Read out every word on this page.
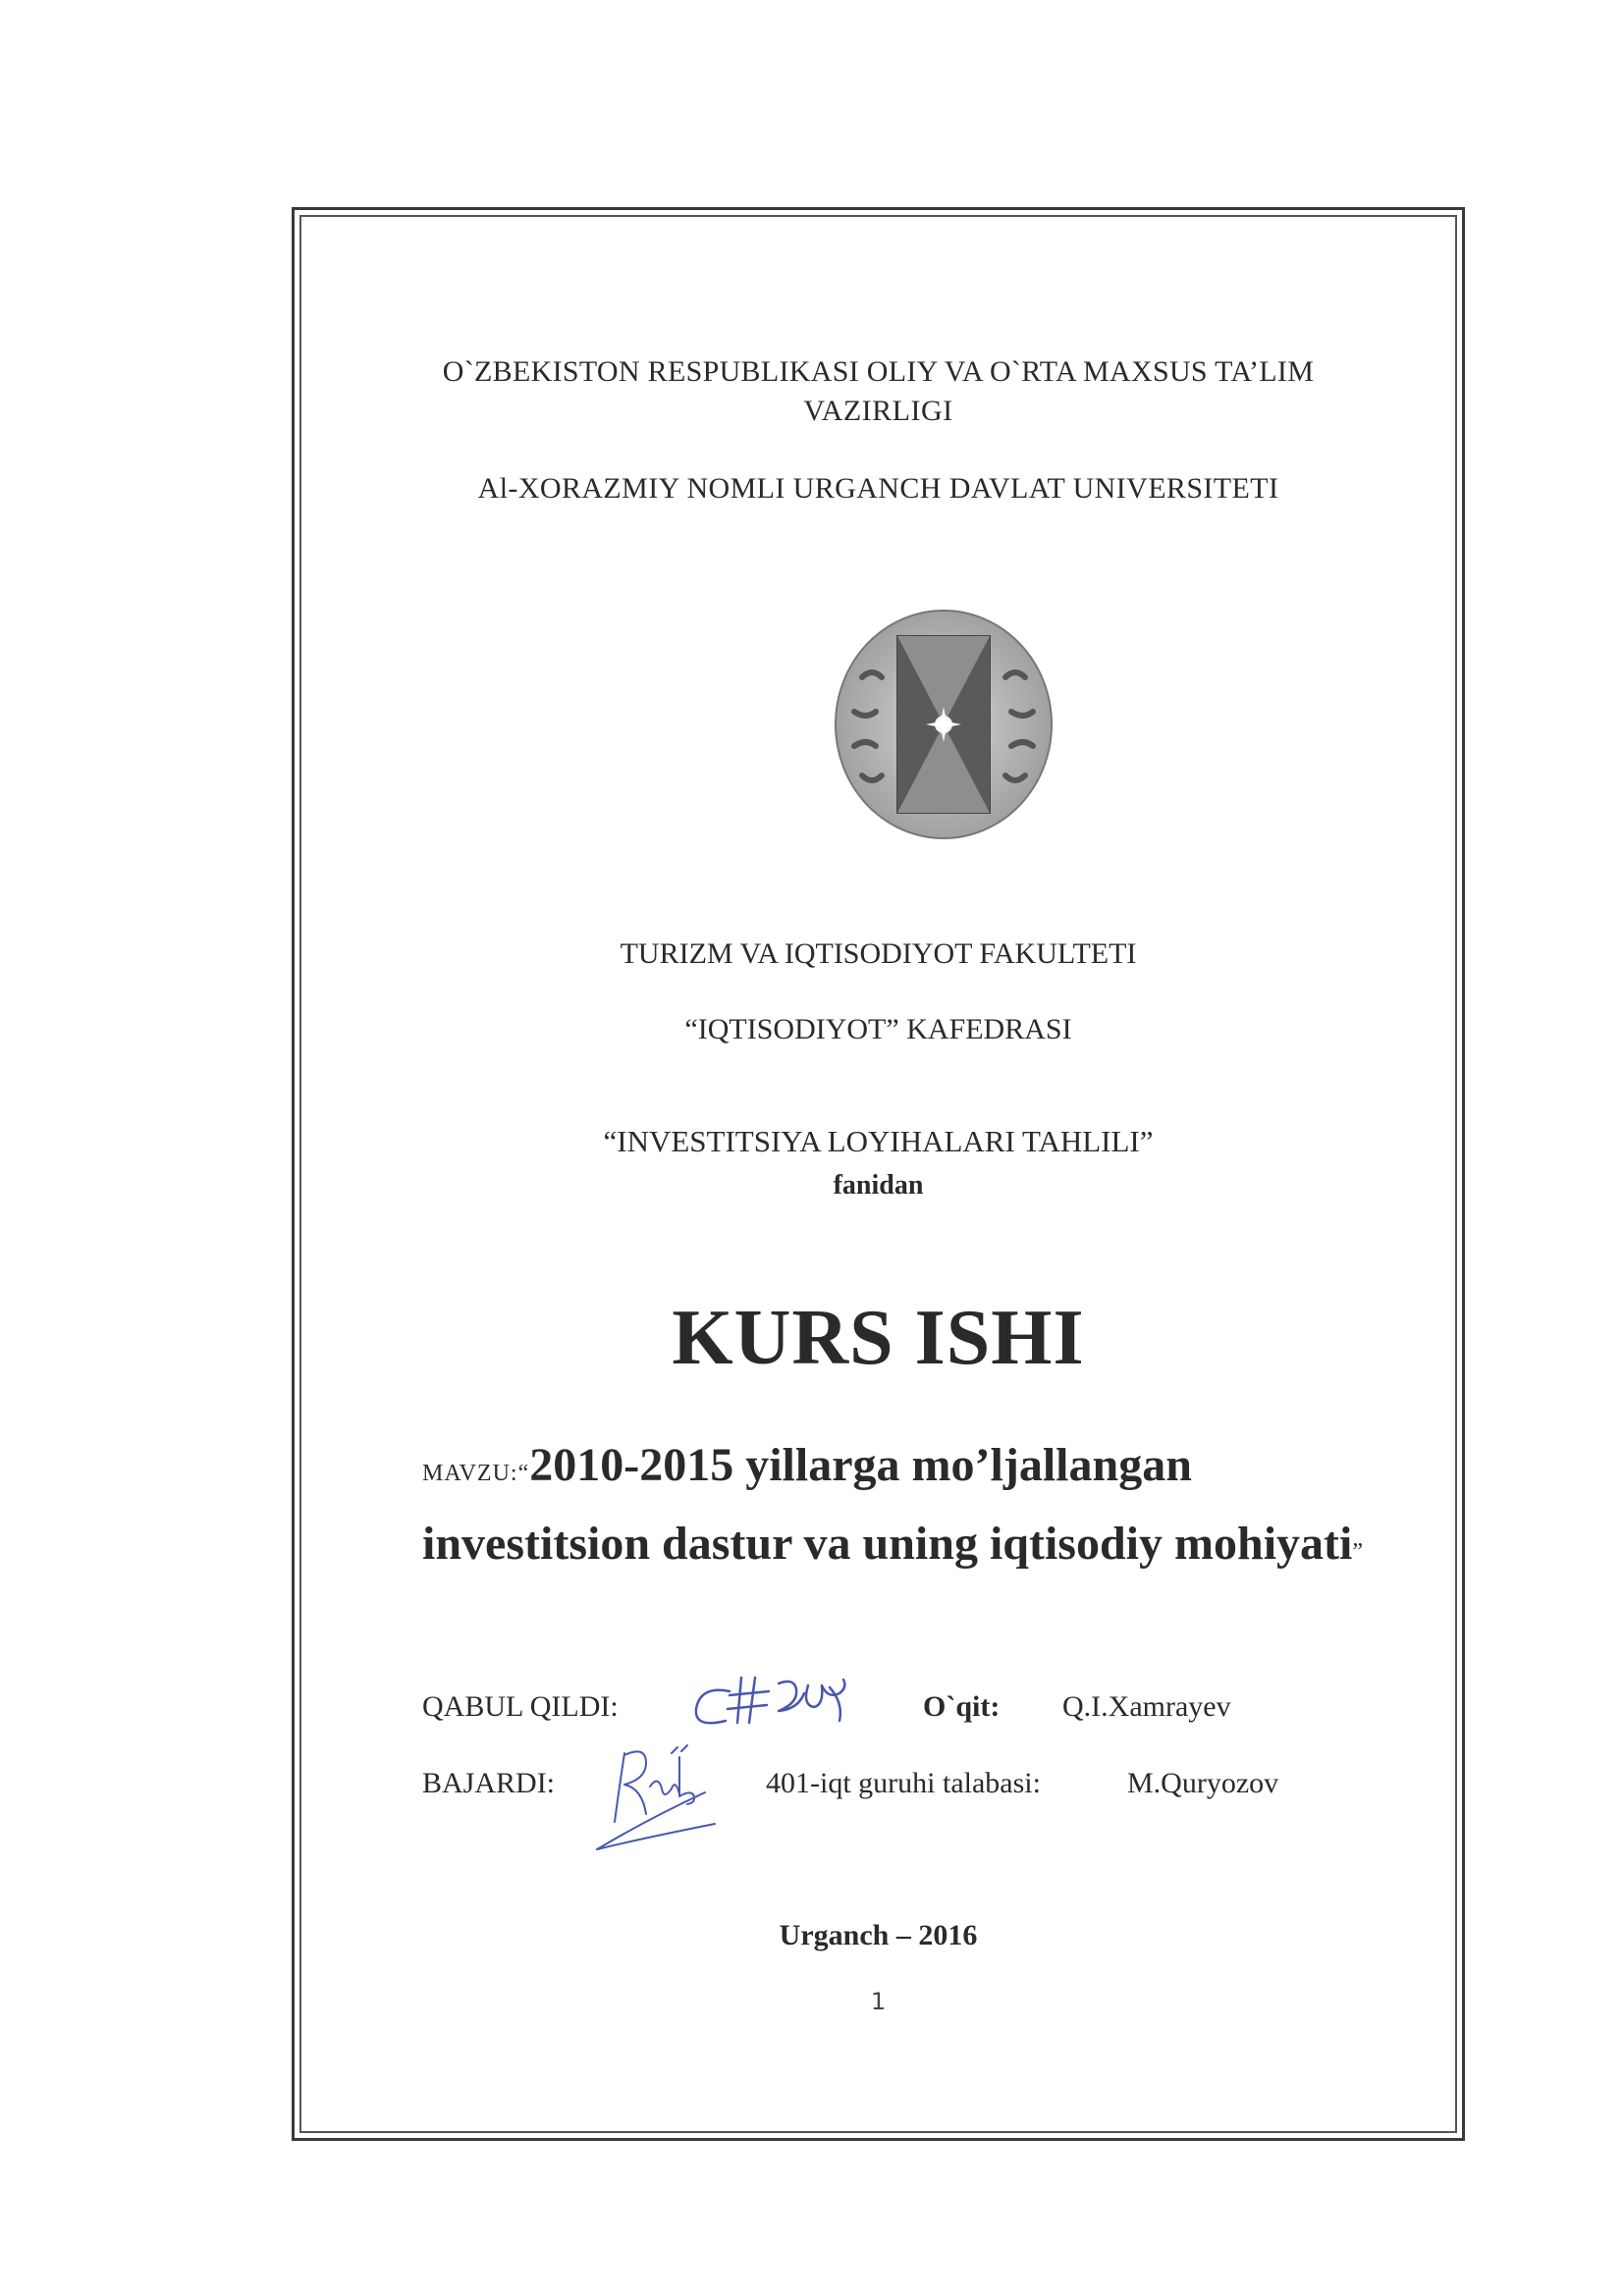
O`ZBEKISTON RESPUBLIKASI OLIY VA O`RTA MAXSUS TA’LIM
VAZIRLIGI
Al-XORAZMIY NOMLI URGANCH DAVLAT UNIVERSITETI
TURIZM VA IQTISODIYOT FAKULTETI
“IQTISODIYOT” KAFEDRASI
“INVESTITSIYA LOYIHALARI TAHLILI”
fanidan
KURS ISHI
MAVZU:“2010-2015 yillarga mo’ljallangan
investitsion dastur va uning iqtisodiy mohiyati”
QABUL QILDI:	O`qit: Q.I.Xamrayev
BAJARDI:	401-iqt guruhi talabasi:	M.Quryozov
Urganch – 2016
1
